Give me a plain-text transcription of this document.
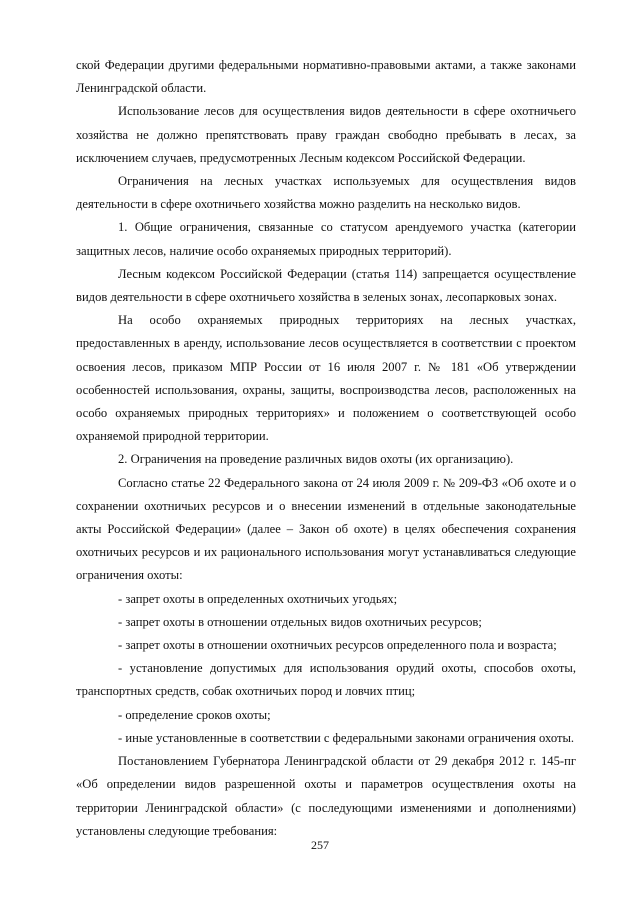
ской Федерации другими федеральными нормативно-правовыми актами, а также законами Ленинградской области.

Использование лесов для осуществления видов деятельности в сфере охотничьего хозяйства не должно препятствовать праву граждан свободно пребывать в лесах, за исключением случаев, предусмотренных Лесным кодексом Российской Федерации.

Ограничения на лесных участках используемых для осуществления видов деятельности в сфере охотничьего хозяйства можно разделить на несколько видов.

1. Общие ограничения, связанные со статусом арендуемого участка (категории защитных лесов, наличие особо охраняемых природных территорий).

Лесным кодексом Российской Федерации (статья 114) запрещается осуществление видов деятельности в сфере охотничьего хозяйства в зеленых зонах, лесопарковых зонах.

На особо охраняемых природных территориях на лесных участках, предоставленных в аренду, использование лесов осуществляется в соответствии с проектом освоения лесов, приказом МПР России от 16 июля 2007 г. № 181 «Об утверждении особенностей использования, охраны, защиты, воспроизводства лесов, расположенных на особо охраняемых природных территориях» и положением о соответствующей особо охраняемой природной территории.

2. Ограничения на проведение различных видов охоты (их организацию).

Согласно статье 22 Федерального закона от 24 июля 2009 г. № 209-ФЗ «Об охоте и о сохранении охотничьих ресурсов и о внесении изменений в отдельные законодательные акты Российской Федерации» (далее – Закон об охоте) в целях обеспечения сохранения охотничьих ресурсов и их рационального использования могут устанавливаться следующие ограничения охоты:

- запрет охоты в определенных охотничьих угодьях;

- запрет охоты в отношении отдельных видов охотничьих ресурсов;

- запрет охоты в отношении охотничьих ресурсов определенного пола и возраста;

- установление допустимых для использования орудий охоты, способов охоты, транспортных средств, собак охотничьих пород и ловчих птиц;

- определение сроков охоты;

- иные установленные в соответствии с федеральными законами ограничения охоты.

Постановлением Губернатора Ленинградской области от 29 декабря 2012 г. 145-пг «Об определении видов разрешенной охоты и параметров осуществления охоты на территории Ленинградской области» (с последующими изменениями и дополнениями) установлены следующие требования:

257
